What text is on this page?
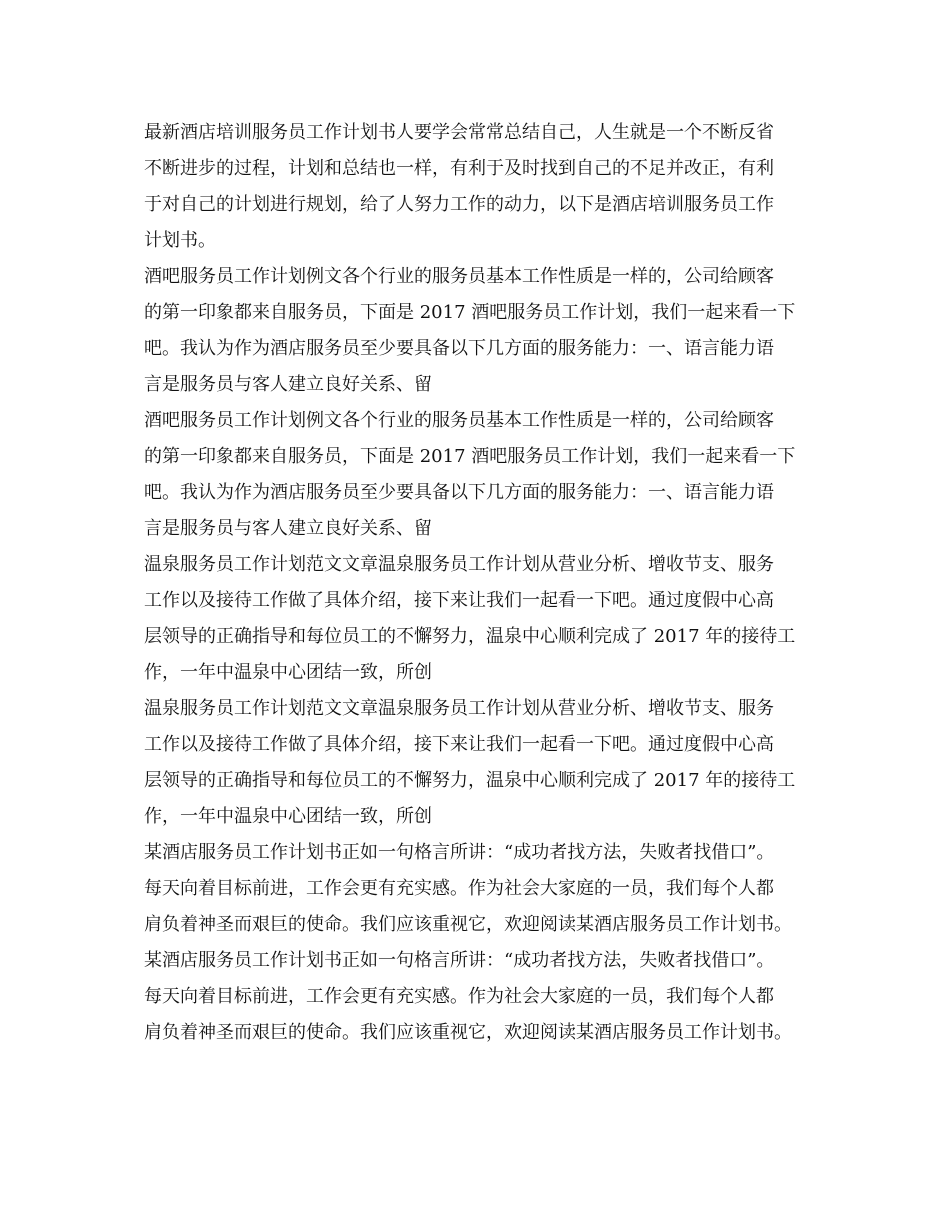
最新酒店培训服务员工作计划书人要学会常常总结自己，人生就是一个不断反省
不断进步的过程，计划和总结也一样，有利于及时找到自己的不足并改正，有利
于对自己的计划进行规划，给了人努力工作的动力，以下是酒店培训服务员工作
计划书。
酒吧服务员工作计划例文各个行业的服务员基本工作性质是一样的，公司给顾客
的第一印象都来自服务员，下面是 2017 酒吧服务员工作计划，我们一起来看一下
吧。我认为作为酒店服务员至少要具备以下几方面的服务能力：一、语言能力语
言是服务员与客人建立良好关系、留
酒吧服务员工作计划例文各个行业的服务员基本工作性质是一样的，公司给顾客
的第一印象都来自服务员，下面是 2017 酒吧服务员工作计划，我们一起来看一下
吧。我认为作为酒店服务员至少要具备以下几方面的服务能力：一、语言能力语
言是服务员与客人建立良好关系、留
温泉服务员工作计划范文文章温泉服务员工作计划从营业分析、增收节支、服务
工作以及接待工作做了具体介绍，接下来让我们一起看一下吧。通过度假中心高
层领导的正确指导和每位员工的不懈努力，温泉中心顺利完成了 2017 年的接待工
作，一年中温泉中心团结一致，所创
温泉服务员工作计划范文文章温泉服务员工作计划从营业分析、增收节支、服务
工作以及接待工作做了具体介绍，接下来让我们一起看一下吧。通过度假中心高
层领导的正确指导和每位员工的不懈努力，温泉中心顺利完成了 2017 年的接待工
作，一年中温泉中心团结一致，所创
某酒店服务员工作计划书正如一句格言所讲：“成功者找方法，失败者找借口”。
每天向着目标前进，工作会更有充实感。作为社会大家庭的一员，我们每个人都
肩负着神圣而艰巨的使命。我们应该重视它，欢迎阅读某酒店服务员工作计划书。
某酒店服务员工作计划书正如一句格言所讲：“成功者找方法，失败者找借口”。
每天向着目标前进，工作会更有充实感。作为社会大家庭的一员，我们每个人都
肩负着神圣而艰巨的使命。我们应该重视它，欢迎阅读某酒店服务员工作计划书。
